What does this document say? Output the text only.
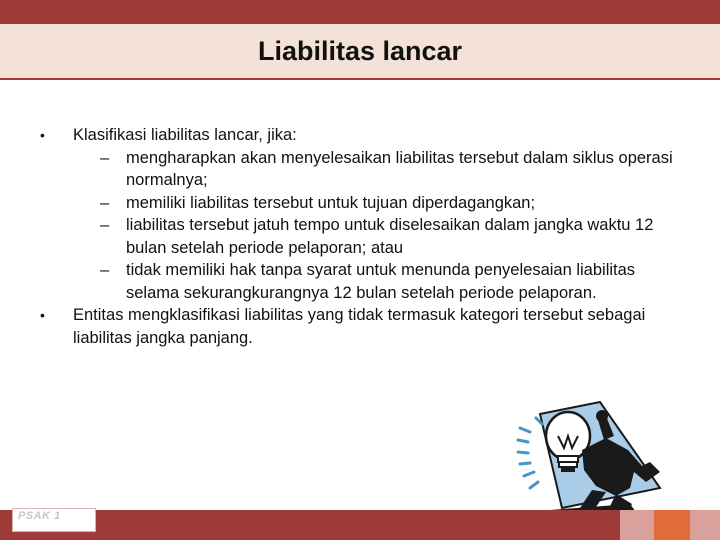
Liabilitas lancar
• Klasifikasi liabilitas lancar, jika:
– mengharapkan akan menyelesaikan liabilitas tersebut dalam siklus operasi normalnya;
– memiliki liabilitas tersebut untuk tujuan diperdagangkan;
– liabilitas tersebut jatuh tempo untuk diselesaikan dalam jangka waktu 12 bulan setelah periode pelaporan; atau
– tidak memiliki hak tanpa syarat untuk menunda penyelesaian liabilitas selama sekurangkurangnya 12 bulan setelah periode pelaporan.
• Entitas mengklasifikasi liabilitas yang tidak termasuk kategori tersebut sebagai liabilitas jangka panjang.
PSAK 1
